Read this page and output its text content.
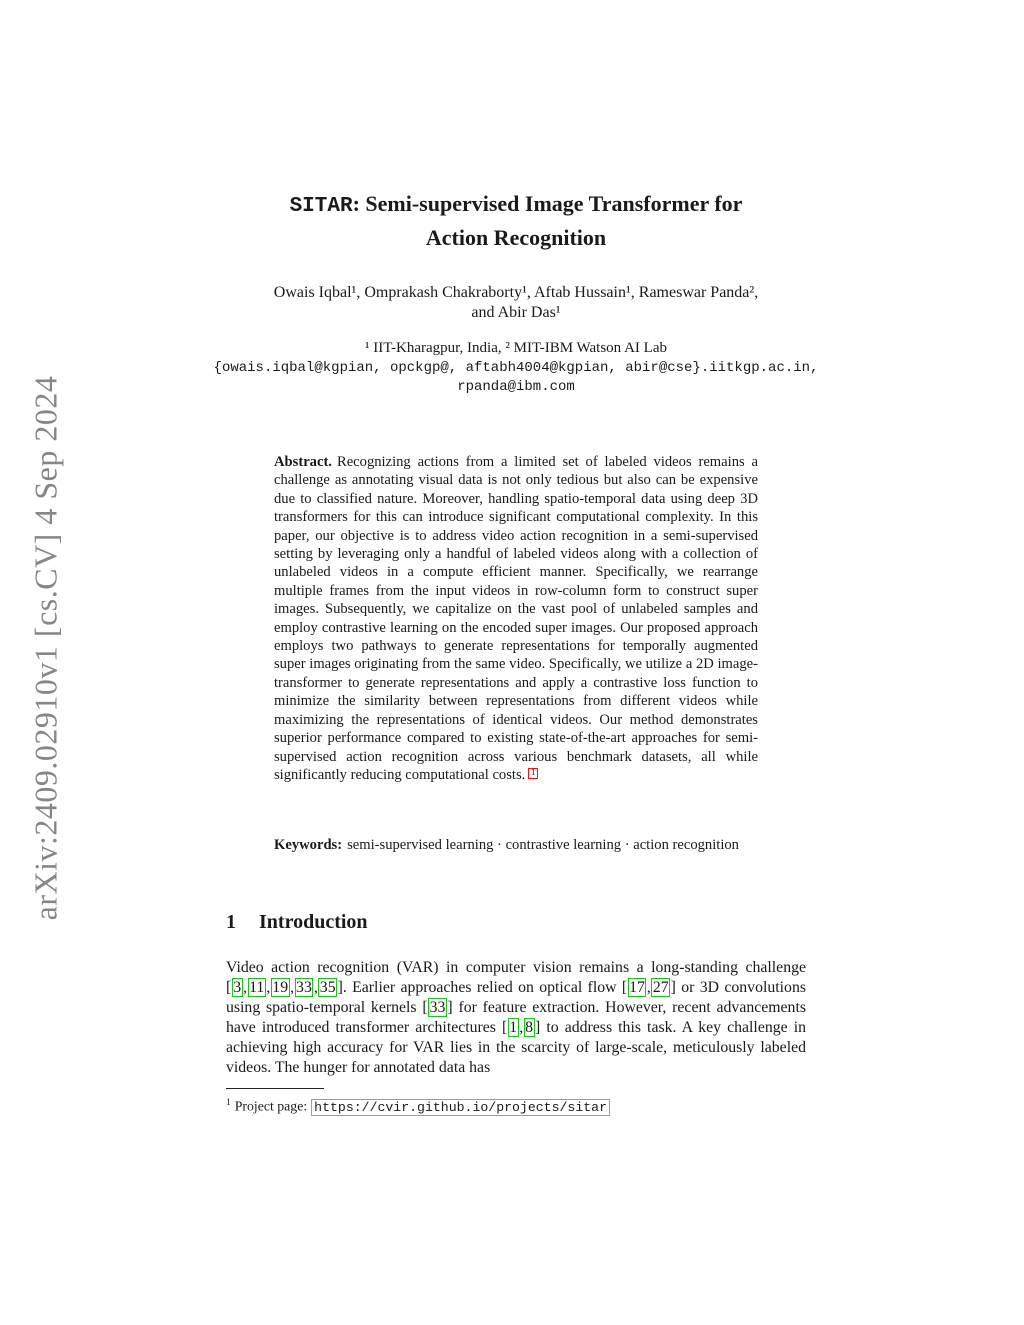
arXiv:2409.02910v1 [cs.CV] 4 Sep 2024
SITAR: Semi-supervised Image Transformer for
Action Recognition
Owais Iqbal¹, Omprakash Chakraborty¹, Aftab Hussain¹, Rameswar Panda²,
and Abir Das¹
¹ IIT-Kharagpur, India, ² MIT-IBM Watson AI Lab
{owais.iqbal@kgpian, opckgp@, aftabh4004@kgpian, abir@cse}.iitkgp.ac.in,
rpanda@ibm.com
Abstract. Recognizing actions from a limited set of labeled videos remains a challenge as annotating visual data is not only tedious but also can be expensive due to classified nature. Moreover, handling spatio-temporal data using deep 3D transformers for this can introduce significant computational complexity. In this paper, our objective is to address video action recognition in a semi-supervised setting by leveraging only a handful of labeled videos along with a collection of unlabeled videos in a compute efficient manner. Specifically, we rearrange multiple frames from the input videos in row-column form to construct super images. Subsequently, we capitalize on the vast pool of unlabeled samples and employ contrastive learning on the encoded super images. Our proposed approach employs two pathways to generate representations for temporally augmented super images originating from the same video. Specifically, we utilize a 2D image-transformer to generate representations and apply a contrastive loss function to minimize the similarity between representations from different videos while maximizing the representations of identical videos. Our method demonstrates superior performance compared to existing state-of-the-art approaches for semi-supervised action recognition across various benchmark datasets, all while significantly reducing computational costs. $^1$
Keywords: semi-supervised learning · contrastive learning · action recognition
1 Introduction

Video action recognition (VAR) in computer vision remains a long-standing challenge [ 3 , 11 , 19 , 33 , 35 ]. Earlier approaches relied on optical flow [ 17 , 27 ] or 3D convolutions using spatio-temporal kernels [ 33 ] for feature extraction. However, recent advancements have introduced transformer architectures [ 1 , 8 ] to address this task. A key challenge in achieving high accuracy for VAR lies in the scarcity of large-scale, meticulously labeled videos. The hunger for annotated data has

$^1$ Project page: https://cvir.github.io/projects/sitar
